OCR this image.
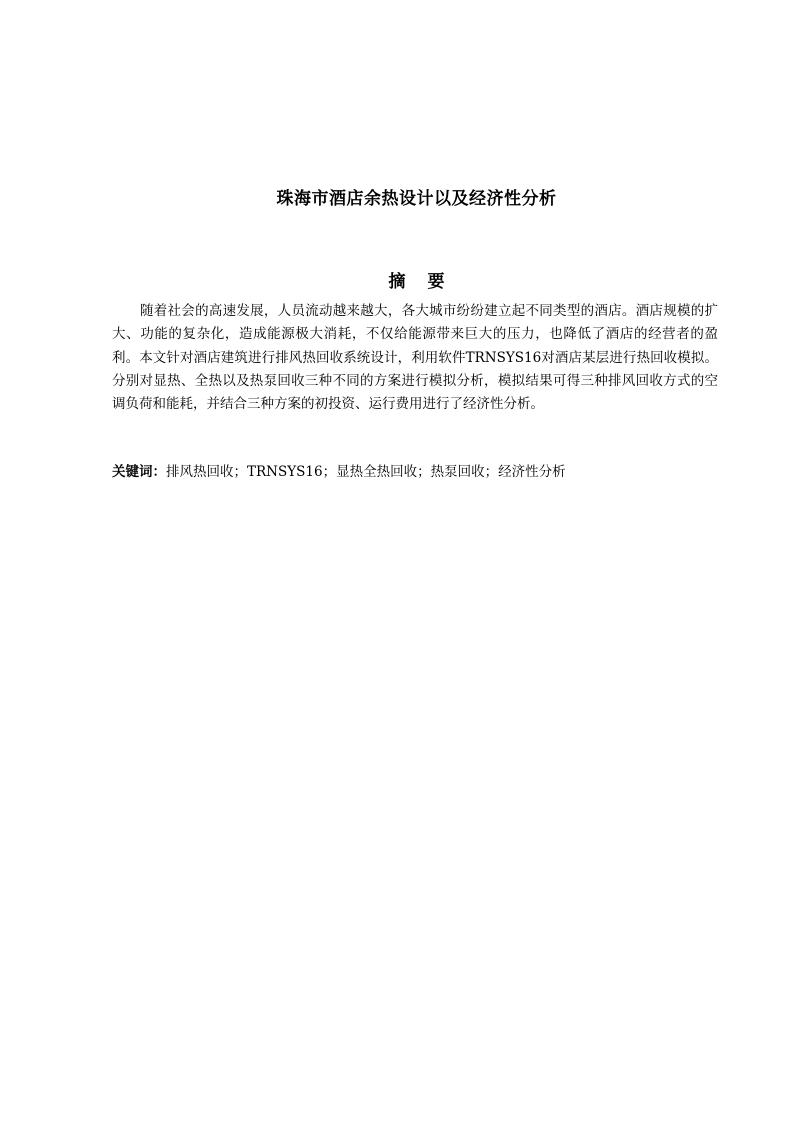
珠海市酒店余热设计以及经济性分析
摘 要

随着社会的高速发展，人员流动越来越大，各大城市纷纷建立起不同类型的酒店。酒店规模的扩大、功能的复杂化，造成能源极大消耗，不仅给能源带来巨大的压力，也降低了酒店的经营者的盈利。本文针对酒店建筑进行排风热回收系统设计，利用软件TRNSYS16对酒店某层进行热回收模拟。分别对显热、全热以及热泵回收三种不同的方案进行模拟分析，模拟结果可得三种排风回收方式的空调负荷和能耗，并结合三种方案的初投资、运行费用进行了经济性分析。

关键词：排风热回收；TRNSYS16；显热全热回收；热泵回收；经济性分析
